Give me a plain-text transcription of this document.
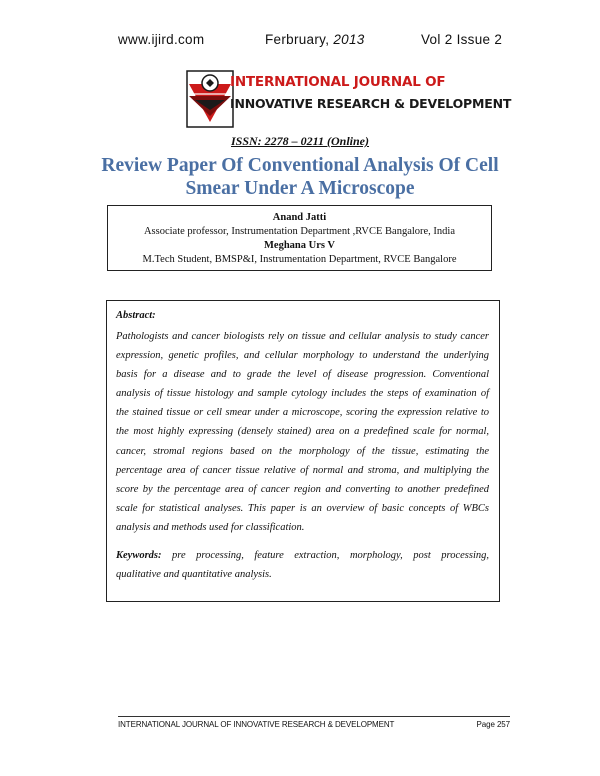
www.ijird.com	Ferbruary, 2013	Vol 2 Issue 2
INTERNATIONAL JOURNAL OF
INNOVATIVE RESEARCH & DEVELOPMENT
ISSN: 2278 – 0211 (Online)
Review Paper Of Conventional Analysis Of Cell
Smear Under A Microscope
Anand Jatti
Associate professor, Instrumentation Department ,RVCE Bangalore, India
Meghana Urs V
M.Tech Student, BMSP&I, Instrumentation Department, RVCE Bangalore
Abstract:
Pathologists and cancer biologists rely on tissue and cellular analysis to study cancer
expression, genetic profiles, and cellular morphology to understand the underlying
basis for a disease and to grade the level of disease progression. Conventional
analysis of tissue histology and sample cytology includes the steps of examination of
the stained tissue or cell smear under a microscope, scoring the expression relative to
the most highly expressing (densely stained) area on a predefined scale for normal,
cancer, stromal regions based on the morphology of the tissue, estimating the
percentage area of cancer tissue relative of normal and stroma, and multiplying the
score by the percentage area of cancer region and converting to another predefined
scale for statistical analyses. This paper is an overview of basic concepts of WBCs
analysis and methods used for classification.
Keywords: pre processing, feature extraction, morphology, post processing,
qualitative and quantitative analysis.
INTERNATIONAL JOURNAL OF INNOVATIVE RESEARCH & DEVELOPMENT	Page 257
